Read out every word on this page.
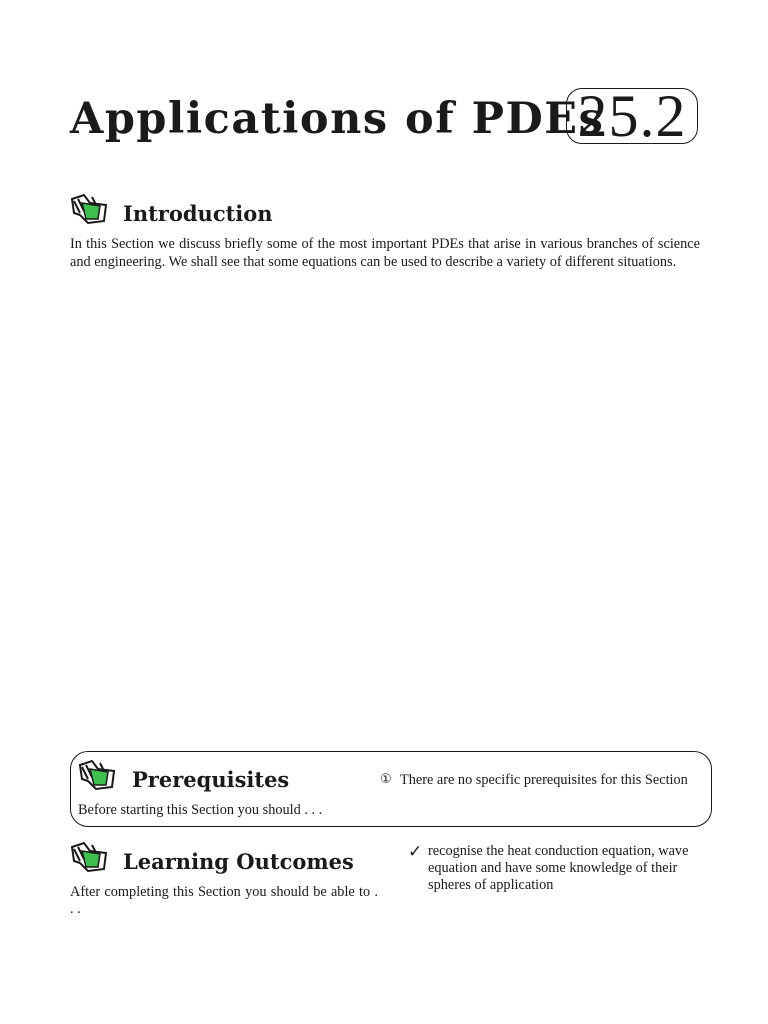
Applications of PDEs
25.2
Introduction
In this Section we discuss briefly some of the most important PDEs that arise in various branches of science and engineering. We shall see that some equations can be used to describe a variety of different situations.
Prerequisites
Before starting this Section you should . . .
① There are no specific prerequisites for this Section
Learning Outcomes
After completing this Section you should be able to . . .
✓ recognise the heat conduction equation, wave equation and have some knowledge of their spheres of application
